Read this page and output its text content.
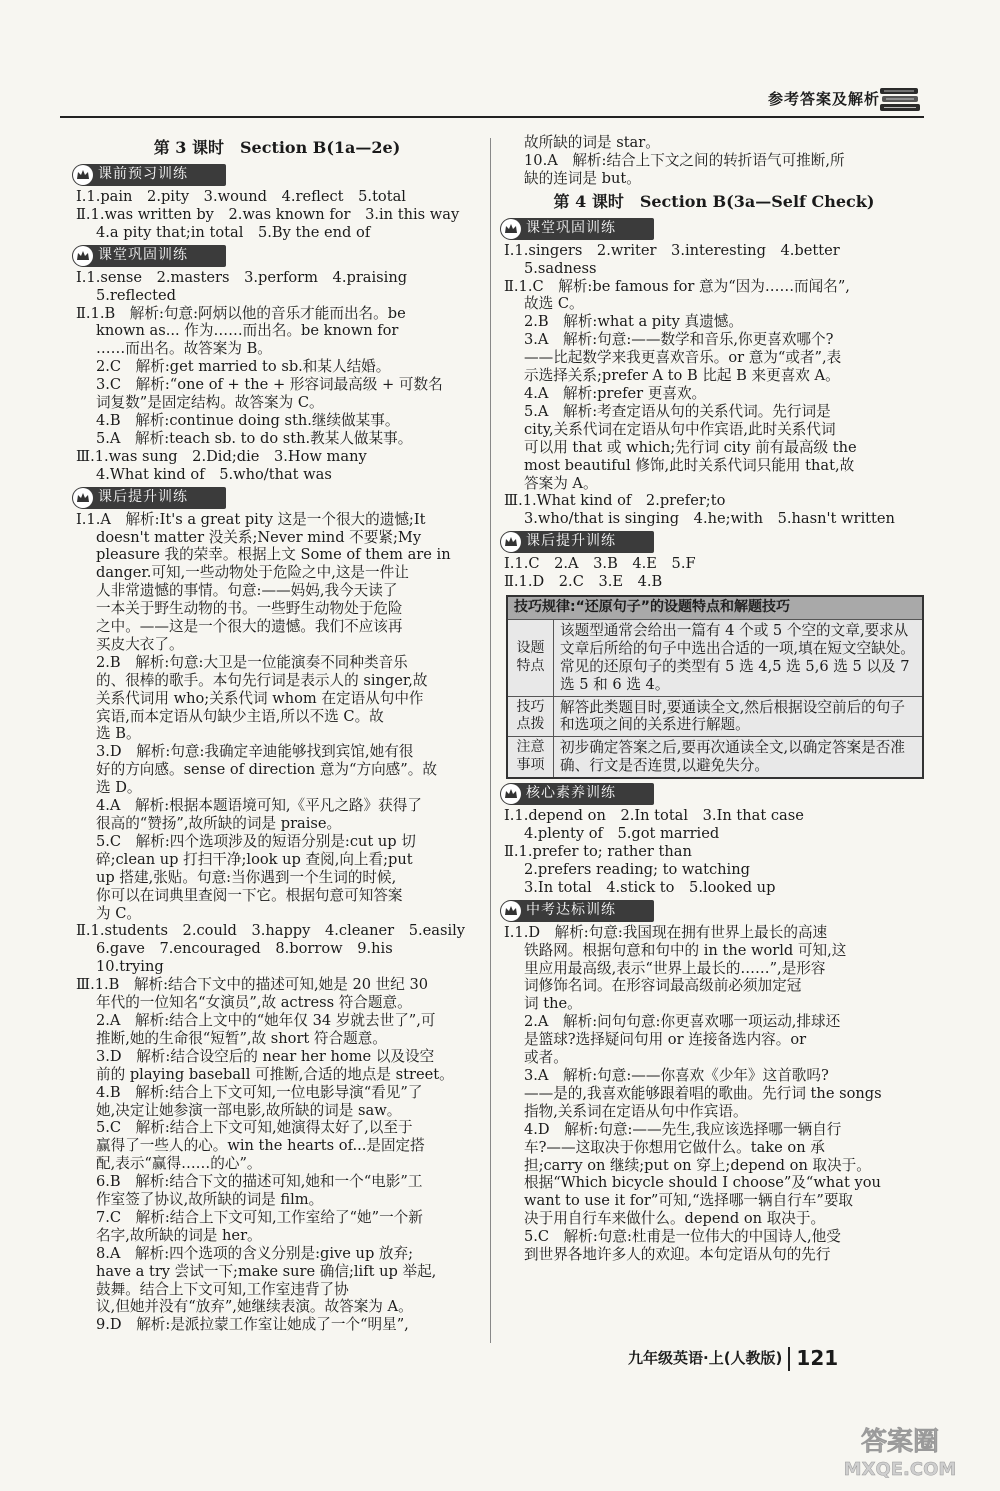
参考答案及解析
第 3 课时　Section B(1a—2e)
课前预习训练
Ⅰ.1.pain　2.pity　3.wound　4.reflect　5.total
Ⅱ.1.was written by　2.was known for　3.in this way
4.a pity that;in total　5.By the end of
课堂巩固训练
Ⅰ.1.sense　2.masters　3.perform　4.praising
5.reflected
Ⅱ.1.B　解析:句意:阿炳以他的音乐才能而出名。be
known as... 作为……而出名。be known for
……而出名。故答案为 B。
2.C　解析:get married to sb.和某人结婚。
3.C　解析:“one of + the + 形容词最高级 + 可数名
词复数”是固定结构。故答案为 C。
4.B　解析:continue doing sth.继续做某事。
5.A　解析:teach sb. to do sth.教某人做某事。
Ⅲ.1.was sung　2.Did;die　3.How many
4.What kind of　5.who/that was
课后提升训练
Ⅰ.1.A　解析:It's a great pity 这是一个很大的遗憾;It
doesn't matter 没关系;Never mind 不要紧;My
pleasure 我的荣幸。根据上文 Some of them are in
danger.可知,一些动物处于危险之中,这是一件让
人非常遗憾的事情。句意:——妈妈,我今天读了
一本关于野生动物的书。一些野生动物处于危险
之中。——这是一个很大的遗憾。我们不应该再
买皮大衣了。
2.B　解析:句意:大卫是一位能演奏不同种类音乐
的、很棒的歌手。本句先行词是表示人的 singer,故
关系代词用 who;关系代词 whom 在定语从句中作
宾语,而本定语从句缺少主语,所以不选 C。故
选 B。
3.D　解析:句意:我确定辛迪能够找到宾馆,她有很
好的方向感。sense of direction 意为“方向感”。故
选 D。
4.A　解析:根据本题语境可知,《平凡之路》获得了
很高的“赞扬”,故所缺的词是 praise。
5.C　解析:四个选项涉及的短语分别是:cut up 切
碎;clean up 打扫干净;look up 查阅,向上看;put
up 搭建,张贴。句意:当你遇到一个生词的时候,
你可以在词典里查阅一下它。根据句意可知答案
为 C。
Ⅱ.1.students　2.could　3.happy　4.cleaner　5.easily
6.gave　7.encouraged　8.borrow　9.his
10.trying
Ⅲ.1.B　解析:结合下文中的描述可知,她是 20 世纪 30
年代的一位知名“女演员”,故 actress 符合题意。
2.A　解析:结合上文中的“她年仅 34 岁就去世了”,可
推断,她的生命很“短暂”,故 short 符合题意。
3.D　解析:结合设空后的 near her home 以及设空
前的 playing baseball 可推断,合适的地点是 street。
4.B　解析:结合上下文可知,一位电影导演“看见”了
她,决定让她参演一部电影,故所缺的词是 saw。
5.C　解析:结合上下文可知,她演得太好了,以至于
赢得了一些人的心。win the hearts of...是固定搭
配,表示“赢得……的心”。
6.B　解析:结合下文的描述可知,她和一个“电影”工
作室签了协议,故所缺的词是 film。
7.C　解析:结合上下文可知,工作室给了“她”一个新
名字,故所缺的词是 her。
8.A　解析:四个选项的含义分别是:give up 放弃;
have a try 尝试一下;make sure 确信;lift up 举起,
鼓舞。结合上下文可知,工作室违背了协
议,但她并没有“放弃”,她继续表演。故答案为 A。
9.D　解析:是派拉蒙工作室让她成了一个“明星”,
故所缺的词是 star。
10.A　解析:结合上下文之间的转折语气可推断,所
缺的连词是 but。
第 4 课时　Section B(3a—Self Check)
课堂巩固训练
Ⅰ.1.singers　2.writer　3.interesting　4.better
5.sadness
Ⅱ.1.C　解析:be famous for 意为“因为……而闻名”,
故选 C。
2.B　解析:what a pity 真遗憾。
3.A　解析:句意:——数学和音乐,你更喜欢哪个?
——比起数学来我更喜欢音乐。or 意为“或者”,表
示选择关系;prefer A to B 比起 B 来更喜欢 A。
4.A　解析:prefer 更喜欢。
5.A　解析:考查定语从句的关系代词。先行词是
city,关系代词在定语从句中作宾语,此时关系代词
可以用 that 或 which;先行词 city 前有最高级 the
most beautiful 修饰,此时关系代词只能用 that,故
答案为 A。
Ⅲ.1.What kind of　2.prefer;to
3.who/that is singing　4.he;with　5.hasn't written
课后提升训练
Ⅰ.1.C　2.A　3.B　4.E　5.F
Ⅱ.1.D　2.C　3.E　4.B
技巧规律:“还原句子”的设题特点和解题技巧
设题特点
该题型通常会给出一篇有 4 个或 5 个空的文章,要求从文章后所给的句子中选出合适的一项,填在短文空缺处。常见的还原句子的类型有 5 选 4,5 选 5,6 选 5 以及 7 选 5 和 6 选 4。
技巧点拨
解答此类题目时,要通读全文,然后根据设空前后的句子和选项之间的关系进行解题。
注意事项
初步确定答案之后,要再次通读全文,以确定答案是否准确、行文是否连贯,以避免失分。
核心素养训练
Ⅰ.1.depend on　2.In total　3.In that case
4.plenty of　5.got married
Ⅱ.1.prefer to; rather than
2.prefers reading; to watching
3.In total　4.stick to　5.looked up
中考达标训练
Ⅰ.1.D　解析:句意:我国现在拥有世界上最长的高速
铁路网。根据句意和句中的 in the world 可知,这
里应用最高级,表示“世界上最长的……”,是形容
词修饰名词。在形容词最高级前必须加定冠
词 the。
2.A　解析:问句句意:你更喜欢哪一项运动,排球还
是篮球?选择疑问句用 or 连接备选内容。or
或者。
3.A　解析:句意:——你喜欢《少年》这首歌吗?
——是的,我喜欢能够跟着唱的歌曲。先行词 the songs
指物,关系词在定语从句中作宾语。
4.D　解析:句意:——先生,我应该选择哪一辆自行
车?——这取决于你想用它做什么。take on 承
担;carry on 继续;put on 穿上;depend on 取决于。
根据“Which bicycle should I choose”及“what you
want to use it for”可知,“选择哪一辆自行车”要取
决于用自行车来做什么。depend on 取决于。
5.C　解析:句意:杜甫是一位伟大的中国诗人,他受
到世界各地许多人的欢迎。本句定语从句的先行
九年级英语·上(人教版) 121
答案圈
MXQE.COM
